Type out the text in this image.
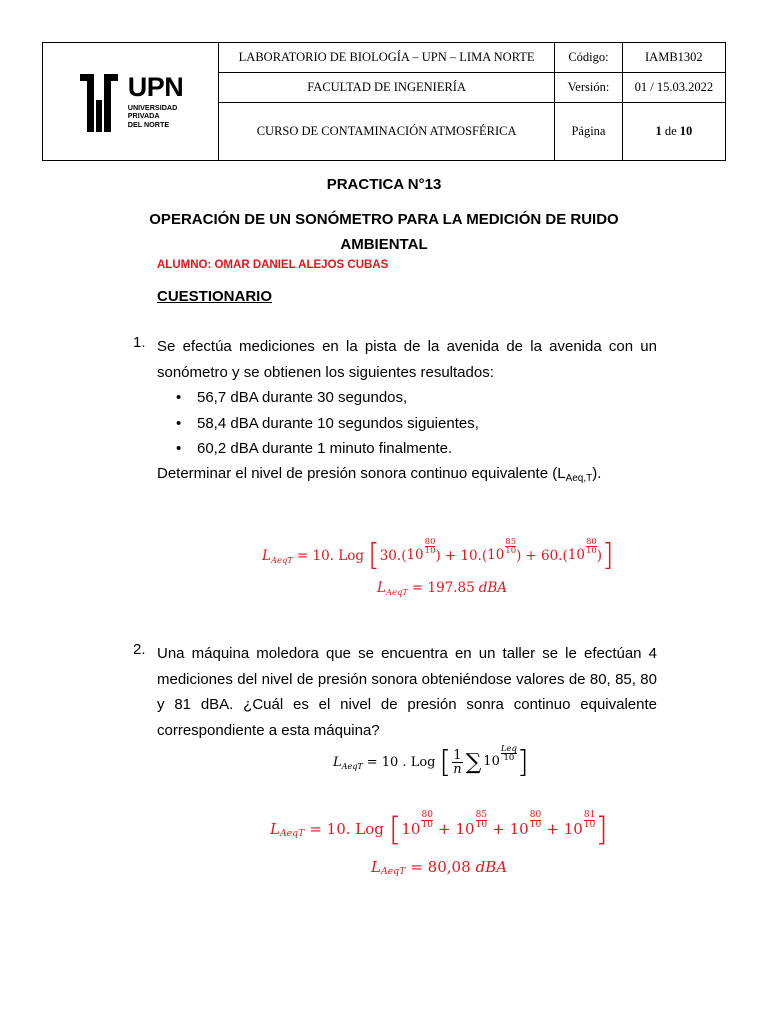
UPN
UNIVERSIDAD
PRIVADA
DEL NORTE	LABORATORIO DE BIOLOGÍA – UPN – LIMA NORTE	Código:	IAMB1302
	FACULTAD DE INGENIERÍA	Versión:	01 / 15.03.2022
	CURSO DE CONTAMINACIÓN ATMOSFÉRICA	Página	1 de 10
PRACTICA N°13
OPERACIÓN DE UN SONÓMETRO PARA LA MEDICIÓN DE RUIDO AMBIENTAL
ALUMNO: OMAR DANIEL ALEJOS CUBAS
CUESTIONARIO
1. Se efectúa mediciones en la pista de la avenida de la avenida con un sonómetro y se obtienen los siguientes resultados:
• 56,7 dBA durante 30 segundos,
• 58,4 dBA durante 10 segundos siguientes,
• 60,2 dBA durante 1 minuto finalmente.
Determinar el nivel de presión sonora continuo equivalente $(L_{Aeq,T})$.
L AeqT = 10. Log [ 30.( $10 \frac{80}{10}$ ) + 10.( $10 \frac{85}{10}$ ) + 60.( $10 \frac{80}{10}$ ) ]
L AeqT = 197.85 dBA
2. Una máquina moledora que se encuentra en un taller se le efectúan 4 mediciones del nivel de presión sonora obteniéndose valores de 80, 85, 80 y 81 dBA. ¿Cuál es el nivel de presión sonra continuo equivalente correspondiente a esta máquina?
L AeqT = 10 . Log [ $\frac{1}{n}$ ∑ 10
Leq
10 ]
L AeqT = 10. Log [ $10 \frac{80}{10} + 10 \frac{85}{10} + 10 \frac{80}{10} + 10 \frac{81}{10}$ ]
L AeqT = 80,08 dBA
